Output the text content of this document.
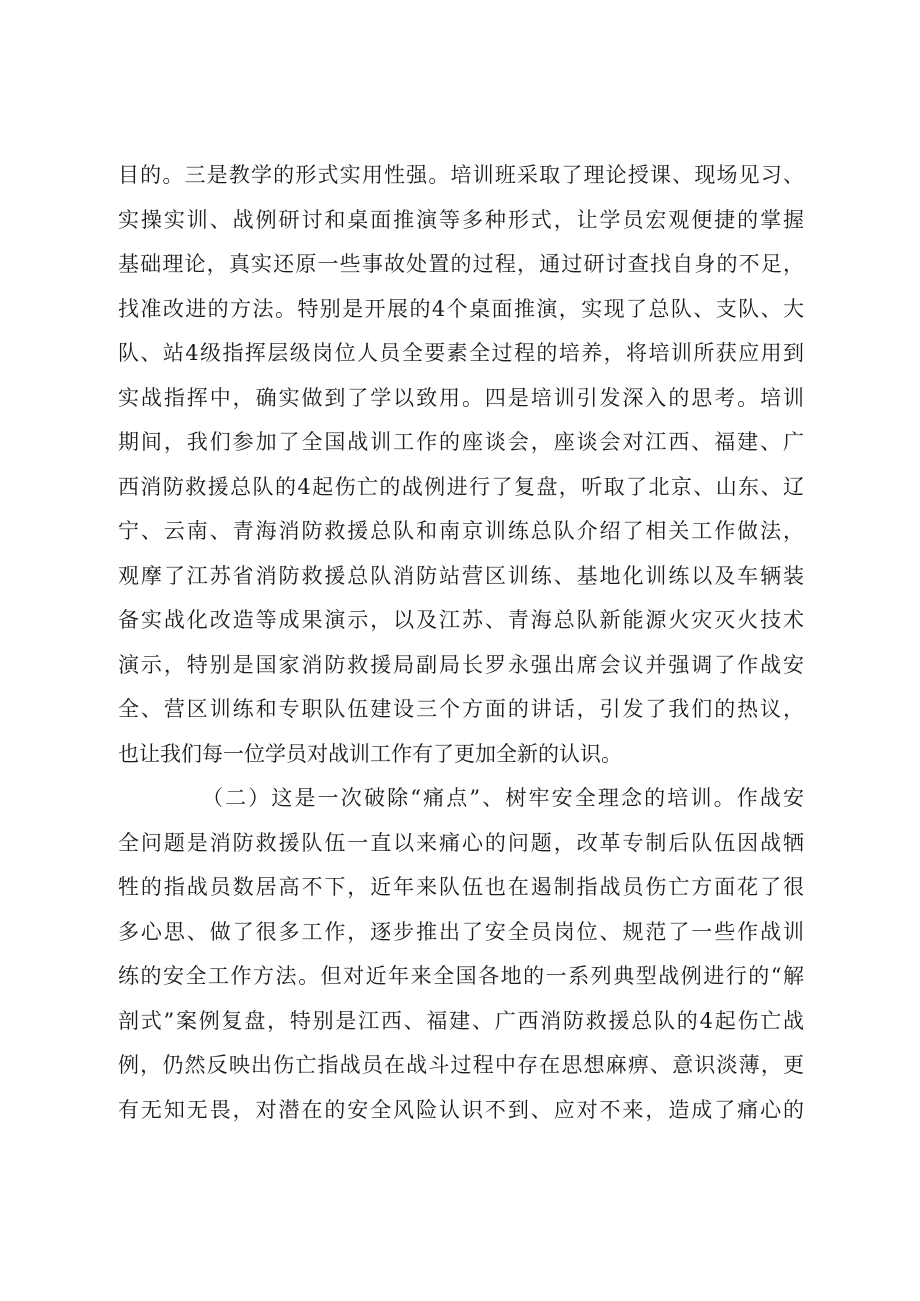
目的。三是教学的形式实用性强。培训班采取了理论授课、现场见习、
实操实训、战例研讨和桌面推演等多种形式，让学员宏观便捷的掌握
基础理论，真实还原一些事故处置的过程，通过研讨查找自身的不足，
找准改进的方法。特别是开展的4个桌面推演，实现了总队、支队、大
队、站4级指挥层级岗位人员全要素全过程的培养，将培训所获应用到
实战指挥中，确实做到了学以致用。四是培训引发深入的思考。培训
期间，我们参加了全国战训工作的座谈会，座谈会对江西、福建、广
西消防救援总队的4起伤亡的战例进行了复盘，听取了北京、山东、辽
宁、云南、青海消防救援总队和南京训练总队介绍了相关工作做法，
观摩了江苏省消防救援总队消防站营区训练、基地化训练以及车辆装
备实战化改造等成果演示，以及江苏、青海总队新能源火灾灭火技术
演示，特别是国家消防救援局副局长罗永强出席会议并强调了作战安
全、营区训练和专职队伍建设三个方面的讲话，引发了我们的热议，
也让我们每一位学员对战训工作有了更加全新的认识。
（二）这是一次破除“痛点”、树牢安全理念的培训。作战安
全问题是消防救援队伍一直以来痛心的问题，改革专制后队伍因战牺
牲的指战员数居高不下，近年来队伍也在遏制指战员伤亡方面花了很
多心思、做了很多工作，逐步推出了安全员岗位、规范了一些作战训
练的安全工作方法。但对近年来全国各地的一系列典型战例进行的“解
剖式”案例复盘，特别是江西、福建、广西消防救援总队的4起伤亡战
例，仍然反映出伤亡指战员在战斗过程中存在思想麻痹、意识淡薄，更
有无知无畏，对潜在的安全风险认识不到、应对不来，造成了痛心的
